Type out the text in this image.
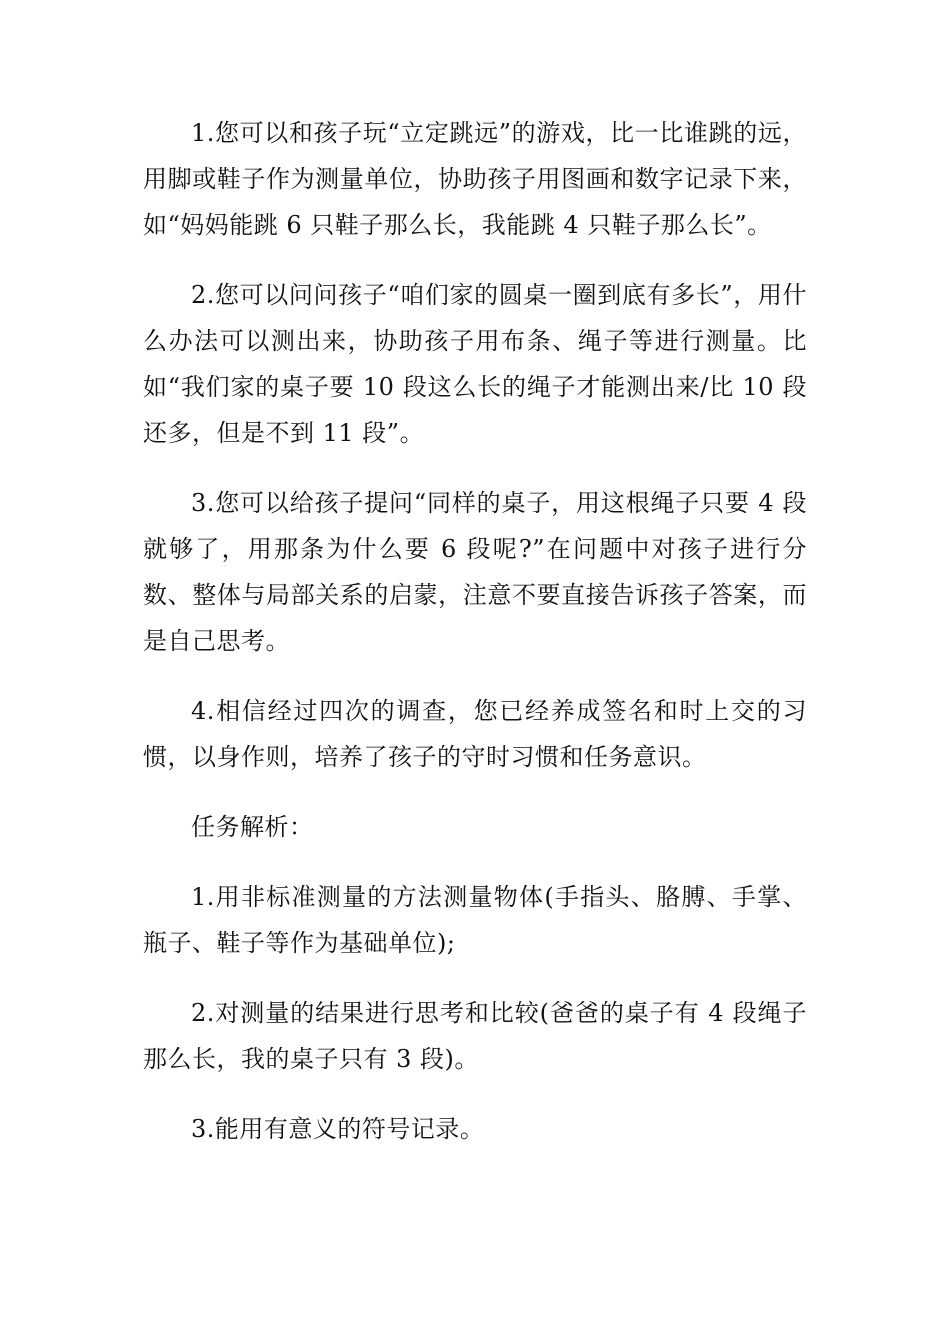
1.您可以和孩子玩“立定跳远”的游戏，比一比谁跳的远，用脚或鞋子作为测量单位，协助孩子用图画和数字记录下来，如“妈妈能跳 6 只鞋子那么长，我能跳 4 只鞋子那么长”。

2.您可以问问孩子“咱们家的圆桌一圈到底有多长”，用什么办法可以测出来，协助孩子用布条、绳子等进行测量。比如“我们家的桌子要 10 段这么长的绳子才能测出来/比 10 段还多，但是不到 11 段”。

3.您可以给孩子提问“同样的桌子，用这根绳子只要 4 段就够了，用那条为什么要 6 段呢?”在问题中对孩子进行分数、整体与局部关系的启蒙，注意不要直接告诉孩子答案，而是自己思考。

4.相信经过四次的调查，您已经养成签名和时上交的习惯，以身作则，培养了孩子的守时习惯和任务意识。

任务解析：

1.用非标准测量的方法测量物体(手指头、胳膊、手掌、瓶子、鞋子等作为基础单位);

2.对测量的结果进行思考和比较(爸爸的桌子有 4 段绳子那么长，我的桌子只有 3 段)。

3.能用有意义的符号记录。
